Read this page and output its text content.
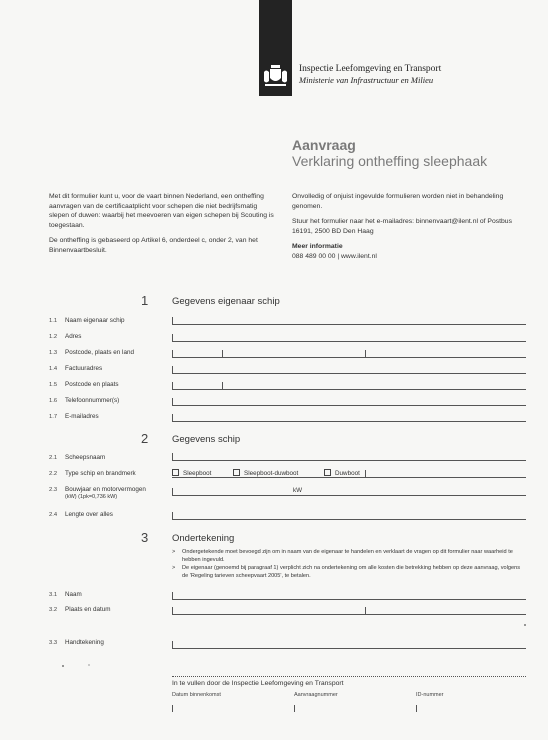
Inspectie Leefomgeving en Transport
Ministerie van Infrastructuur en Milieu
Aanvraag
Verklaring ontheffing sleephaak

Met dit formulier kunt u, voor de vaart binnen Nederland, een ontheffing aanvragen van de certificaatplicht voor schepen die niet bedrijfsmatig slepen of duwen: waarbij het meevoeren van eigen schepen bij Scouting is toegestaan.

De ontheffing is gebaseerd op Artikel 6, onderdeel c, onder 2, van het Binnenvaartbesluit.

Onvolledig of onjuist ingevulde formulieren worden niet in behandeling genomen.

Stuur het formulier naar het e-mailadres: binnenvaart@ilent.nl of Postbus 16191, 2500 BD Den Haag

Meer informatie
088 489 00 00 | www.ilent.nl
1	Gegevens eigenaar schip
1.1 Naam eigenaar schip
1.2 Adres
1.3 Postcode, plaats en land
1.4 Factuuradres
1.5 Postcode en plaats
1.6 Telefoonnummer(s)
1.7 E-mailadres
2	Gegevens schip
2.1 Scheepsnaam
2.2 Type schip en brandmerk	Sleepboot	Sleepboot-duwboot	Duwboot
2.3 Bouwjaar en motorvermogen
(kW) (1pk=0,736 kW)
kW
2.4 Lengte over alles
3	Ondertekening
>	Ondergetekende moet bevoegd zijn om in naam van de eigenaar te handelen en verklaart de vragen op dit formulier naar waarheid te hebben ingevuld.
>	De eigenaar (genoemd bij paragraaf 1) verplicht zich na ondertekening om alle kosten die betrekking hebben op deze aanvraag, volgens de 'Regeling tarieven scheepvaart 2005', te betalen.
3.1 Naam
3.2 Plaats en datum
3.3 Handtekening
In te vullen door de Inspectie Leefomgeving en Transport
Datum binnenkomst	Aanvraagnummer	ID-nummer
